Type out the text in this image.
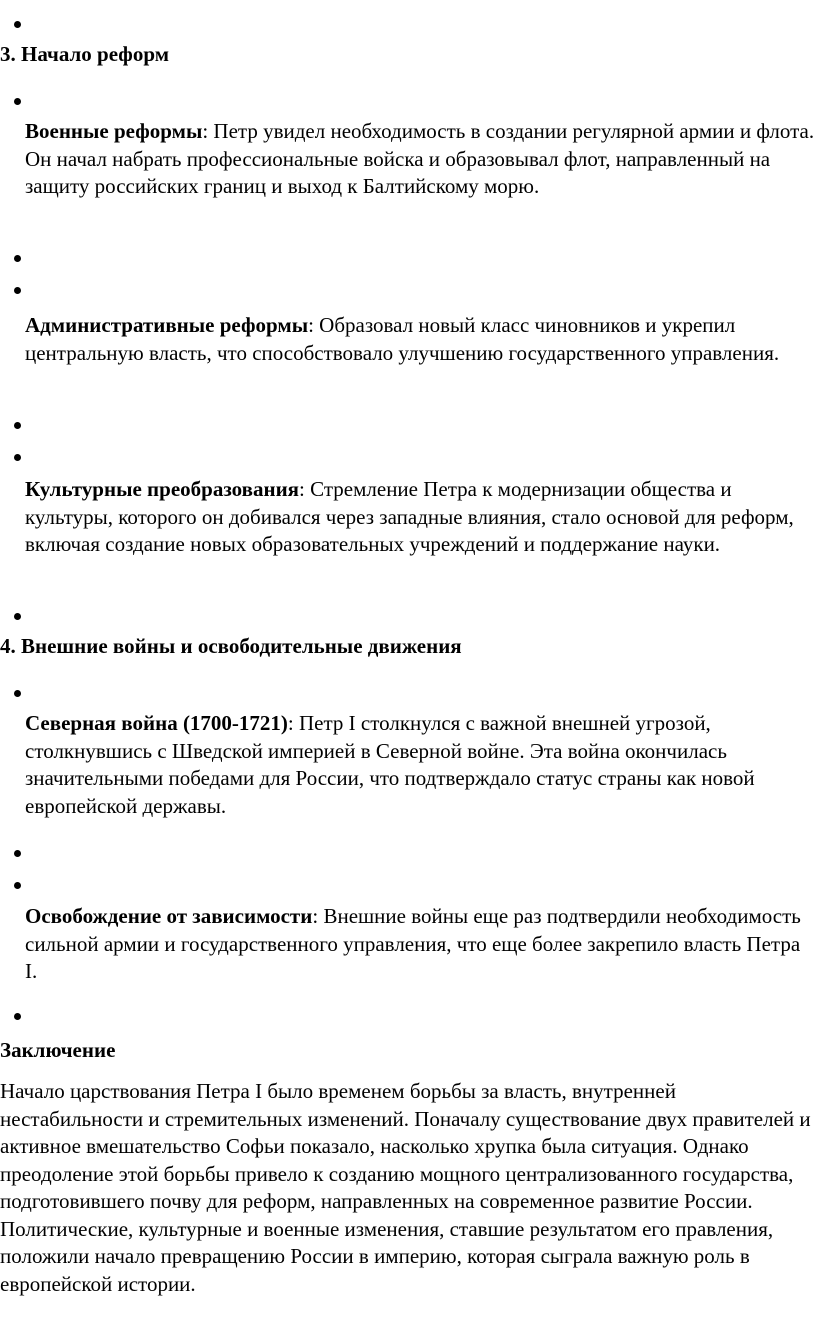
3. Начало реформ
Военные реформы: Петр увидел необходимость в создании регулярной армии и флота. Он начал набрать профессиональные войска и образовывал флот, направленный на защиту российских границ и выход к Балтийскому морю.
Административные реформы: Образовал новый класс чиновников и укрепил центральную власть, что способствовало улучшению государственного управления.
Культурные преобразования: Стремление Петра к модернизации общества и культуры, которого он добивался через западные влияния, стало основой для реформ, включая создание новых образовательных учреждений и поддержание науки.
4. Внешние войны и освободительные движения
Северная война (1700-1721): Петр I столкнулся с важной внешней угрозой, столкнувшись с Шведской империей в Северной войне. Эта война окончилась значительными победами для России, что подтверждало статус страны как новой европейской державы.
Освобождение от зависимости: Внешние войны еще раз подтвердили необходимость сильной армии и государственного управления, что еще более закрепило власть Петра I.
Заключение
Начало царствования Петра I было временем борьбы за власть, внутренней нестабильности и стремительных изменений. Поначалу существование двух правителей и активное вмешательство Софьи показало, насколько хрупка была ситуация. Однако преодоление этой борьбы привело к созданию мощного централизованного государства, подготовившего почву для реформ, направленных на современное развитие России. Политические, культурные и военные изменения, ставшие результатом его правления, положили начало превращению России в империю, которая сыграла важную роль в европейской истории.
